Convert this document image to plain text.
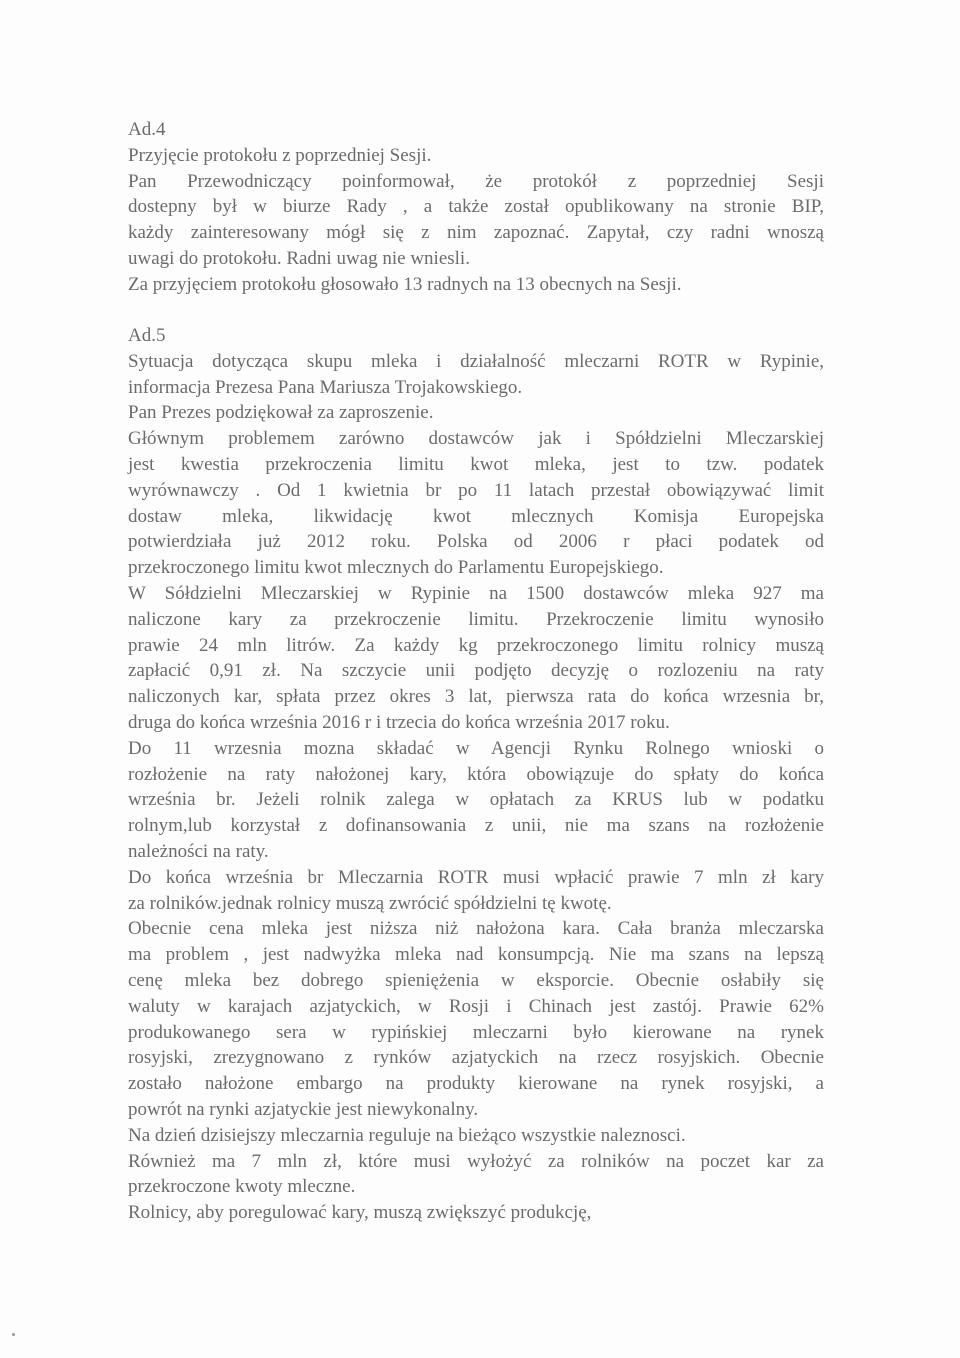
Ad.4
Przyjęcie protokołu z poprzedniej Sesji.
Pan Przewodniczący poinformował, że protokół z poprzedniej Sesji
dostepny był w biurze Rady , a także został opublikowany na stronie BIP,
każdy zainteresowany mógł się z nim zapoznać. Zapytał, czy radni wnoszą
uwagi do protokołu. Radni uwag nie wniesli.
Za przyjęciem protokołu głosowało 13 radnych na 13 obecnych na Sesji.
Ad.5
Sytuacja dotycząca skupu mleka i działalność mleczarni ROTR w Rypinie,
informacja Prezesa Pana Mariusza Trojakowskiego.
Pan Prezes podziękował za zaproszenie.
Głównym problemem zarówno dostawców jak i Spółdzielni Mleczarskiej
jest kwestia przekroczenia limitu kwot mleka, jest to tzw. podatek
wyrównawczy . Od 1 kwietnia br po 11 latach przestał obowiązywać limit
dostaw mleka, likwidację kwot mlecznych Komisja Europejska
potwierdziała już 2012 roku. Polska od 2006 r płaci podatek od
przekroczonego limitu kwot mlecznych do Parlamentu Europejskiego.
W Sółdzielni Mleczarskiej w Rypinie na 1500 dostawców mleka 927 ma
naliczone kary za przekroczenie limitu. Przekroczenie limitu wynosiło
prawie 24 mln litrów. Za każdy kg przekroczonego limitu rolnicy muszą
zapłacić 0,91 zł. Na szczycie unii podjęto decyzję o rozlozeniu na raty
naliczonych kar, spłata przez okres 3 lat, pierwsza rata do końca wrzesnia br,
druga do końca września 2016 r i trzecia do końca września 2017 roku.
Do 11 wrzesnia mozna składać w Agencji Rynku Rolnego wnioski o
rozłożenie na raty nałożonej kary, która obowiązuje do spłaty do końca
września br. Jeżeli rolnik zalega w opłatach za KRUS lub w podatku
rolnym,lub korzystał z dofinansowania z unii, nie ma szans na rozłożenie
należności na raty.
Do końca września br Mleczarnia ROTR musi wpłacić prawie 7 mln zł kary
za rolników.jednak rolnicy muszą zwrócić spółdzielni tę kwotę.
Obecnie cena mleka jest niższa niż nałożona kara. Cała branża mleczarska
ma problem , jest nadwyżka mleka nad konsumpcją. Nie ma szans na lepszą
cenę mleka bez dobrego spieniężenia w eksporcie. Obecnie osłabiły się
waluty w karajach azjatyckich, w Rosji i Chinach jest zastój. Prawie 62%
produkowanego sera w rypińskiej mleczarni było kierowane na rynek
rosyjski, zrezygnowano z rynków azjatyckich na rzecz rosyjskich. Obecnie
zostało nałożone embargo na produkty kierowane na rynek rosyjski, a
powrót na rynki azjatyckie jest niewykonalny.
Na dzień dzisiejszy mleczarnia reguluje na bieżąco wszystkie naleznosci.
Również ma 7 mln zł, które musi wyłożyć za rolników na poczet kar za
przekroczone kwoty mleczne.
Rolnicy, aby poregulować kary, muszą zwiększyć produkcję,
